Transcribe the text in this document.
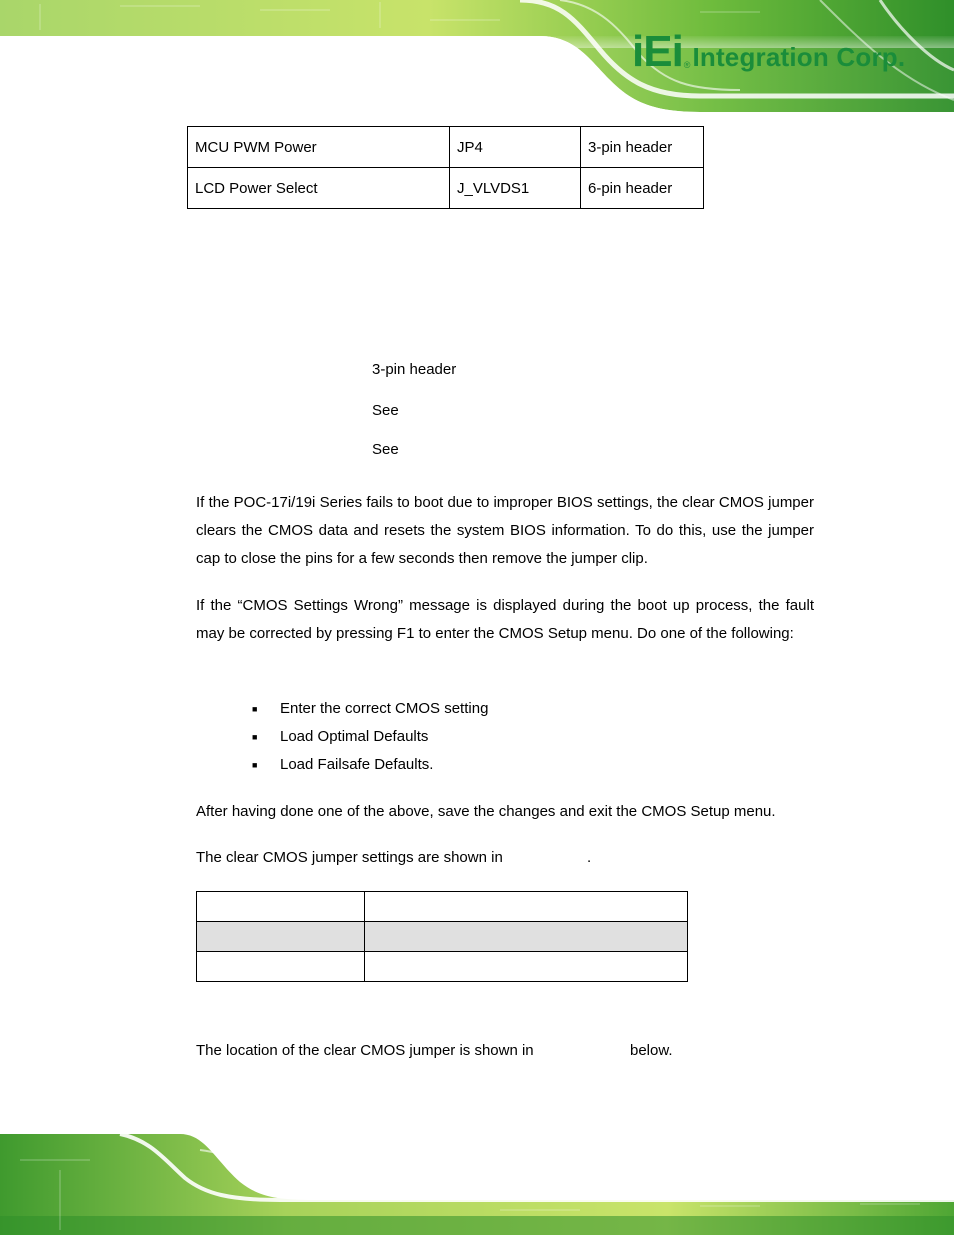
iEi ® Integration Corp.
MCU PWM Power	JP4	3-pin header
LCD Power Select	J_VLVDS1	6-pin header
3-pin header
See
See
If the POC-17i/19i Series fails to boot due to improper BIOS settings, the clear CMOS jumper clears the CMOS data and resets the system BIOS information. To do this, use the jumper cap to close the pins for a few seconds then remove the jumper clip.
If the “CMOS Settings Wrong” message is displayed during the boot up process, the fault may be corrected by pressing F1 to enter the CMOS Setup menu. Do one of the following:
■	Enter the correct CMOS setting
■	Load Optimal Defaults
■	Load Failsafe Defaults.
After having done one of the above, save the changes and exit the CMOS Setup menu.
The clear CMOS jumper settings are shown in	.

The location of the clear CMOS jumper is shown in	below.
